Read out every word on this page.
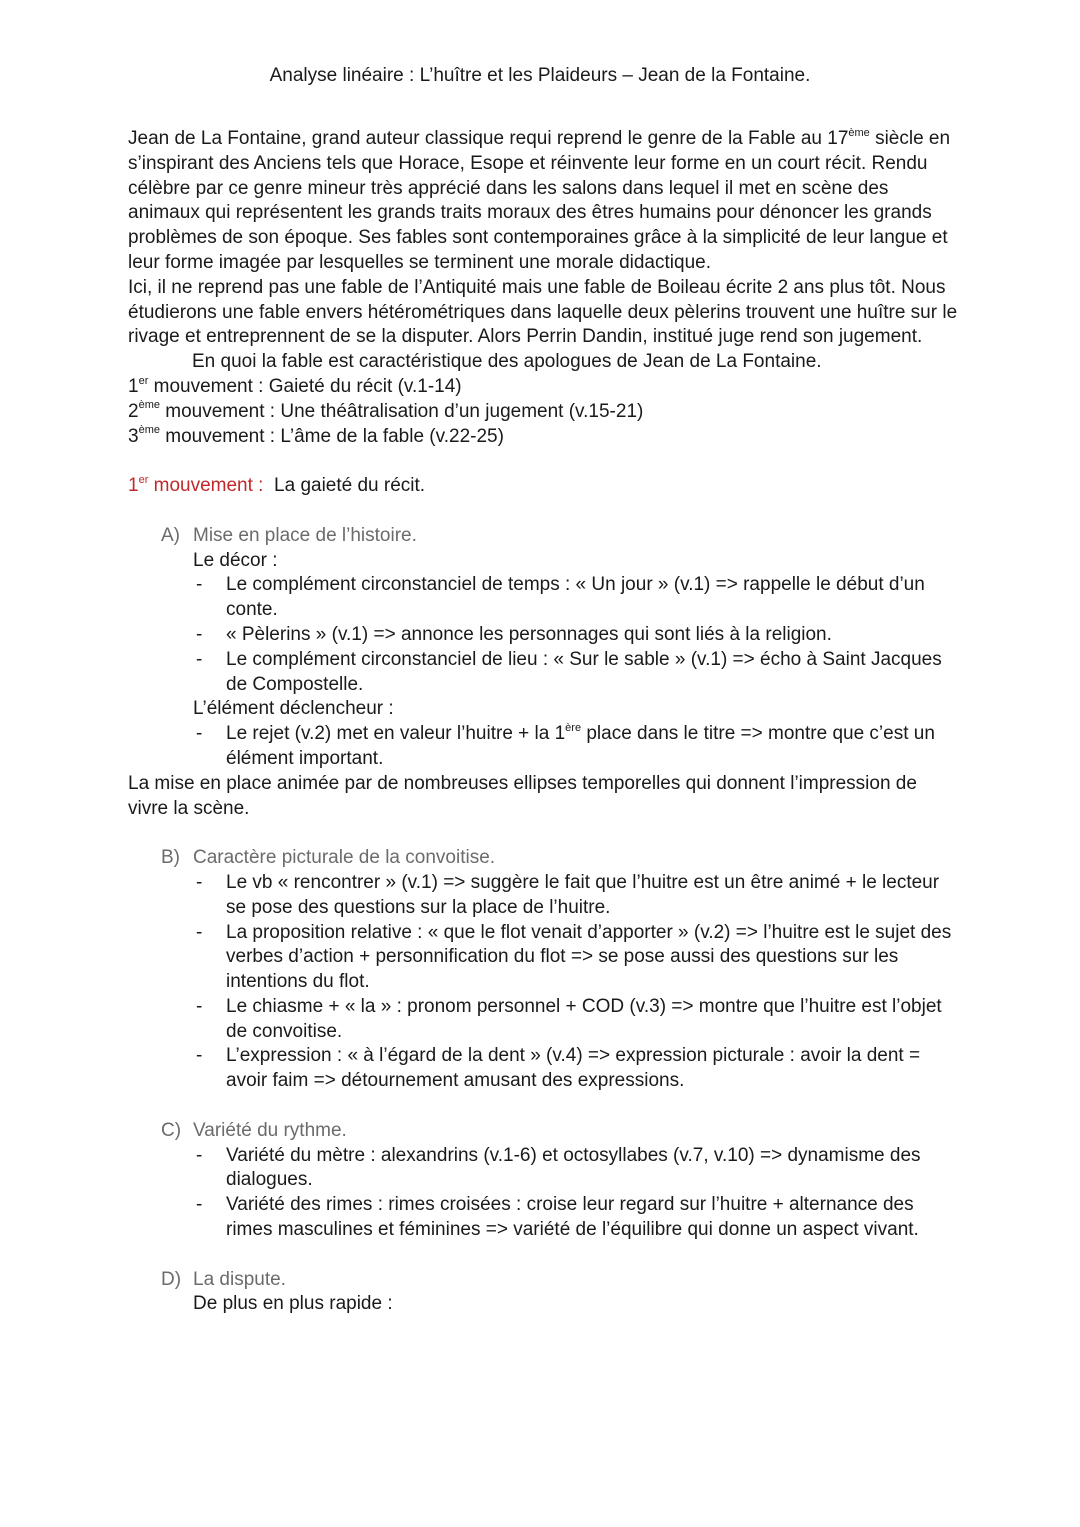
Analyse linéaire : L’huître et les Plaideurs – Jean de la Fontaine.

Jean de La Fontaine, grand auteur classique requi reprend le genre de la Fable au 17ème siècle en s’inspirant des Anciens tels que Horace, Esope et réinvente leur forme en un court récit. Rendu célèbre par ce genre mineur très apprécié dans les salons dans lequel il met en scène des animaux qui représentent les grands traits moraux des êtres humains pour dénoncer les grands problèmes de son époque. Ses fables sont contemporaines grâce à la simplicité de leur langue et leur forme imagée par lesquelles se terminent une morale didactique.

Ici, il ne reprend pas une fable de l’Antiquité mais une fable de Boileau écrite 2 ans plus tôt. Nous étudierons une fable envers hétérométriques dans laquelle deux pèlerins trouvent une huître sur le rivage et entreprennent de se la disputer. Alors Perrin Dandin, institué juge rend son jugement.

En quoi la fable est caractéristique des apologues de Jean de La Fontaine.

1er mouvement : Gaieté du récit (v.1-14)

2ème mouvement : Une théâtralisation d’un jugement (v.15-21)

3ème mouvement : L’âme de la fable (v.22-25)

1er mouvement : La gaieté du récit.

A) Mise en place de l’histoire.

Le décor :

- Le complément circonstanciel de temps : « Un jour » (v.1) => rappelle le début d’un conte.

- « Pèlerins » (v.1) => annonce les personnages qui sont liés à la religion.

- Le complément circonstanciel de lieu : « Sur le sable » (v.1) => écho à Saint Jacques de Compostelle.

L’élément déclencheur :

- Le rejet (v.2) met en valeur l’huitre + la 1ère place dans le titre => montre que c’est un élément important.

La mise en place animée par de nombreuses ellipses temporelles qui donnent l’impression de vivre la scène.

B) Caractère picturale de la convoitise.

- Le vb « rencontrer » (v.1) => suggère le fait que l’huitre est un être animé + le lecteur se pose des questions sur la place de l’huitre.

- La proposition relative : « que le flot venait d’apporter » (v.2) => l’huitre est le sujet des verbes d’action + personnification du flot => se pose aussi des questions sur les intentions du flot.

- Le chiasme + « la » : pronom personnel + COD (v.3) => montre que l’huitre est l’objet de convoitise.

- L’expression : « à l’égard de la dent » (v.4) => expression picturale : avoir la dent = avoir faim => détournement amusant des expressions.

C) Variété du rythme.

- Variété du mètre : alexandrins (v.1-6) et octosyllabes (v.7, v.10) => dynamisme des dialogues.

- Variété des rimes : rimes croisées : croise leur regard sur l’huitre + alternance des rimes masculines et féminines => variété de l’équilibre qui donne un aspect vivant.

D) La dispute.

De plus en plus rapide :
